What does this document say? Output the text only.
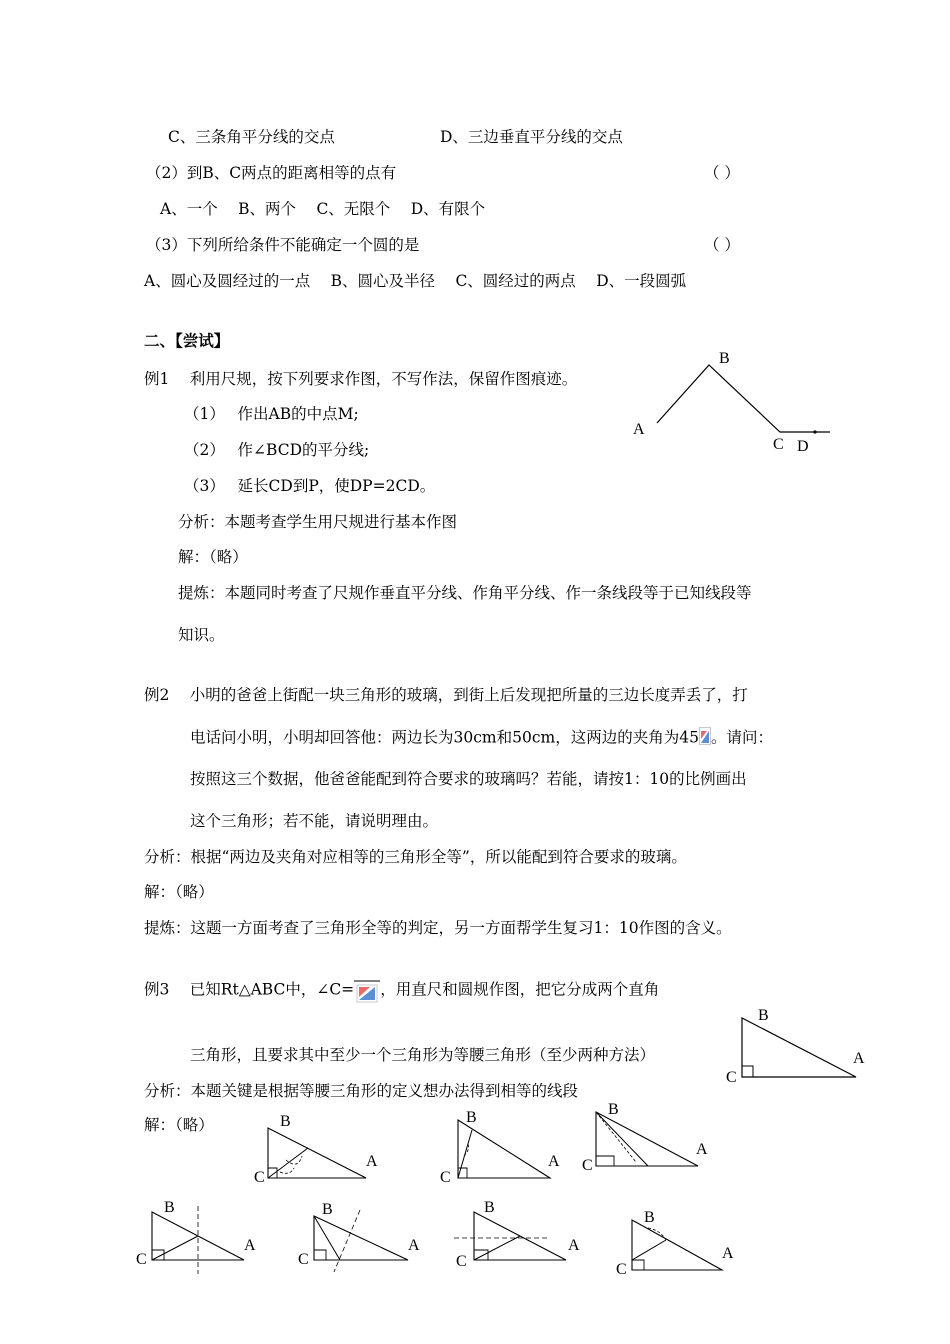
C、三条角平分线的交点	D、三边垂直平分线的交点
（2）到B、C两点的距离相等的点有	（ ）
A、一个　 B、两个　 C、无限个　 D、有限个
（3）下列所给条件不能确定一个圆的是	（ ）
A、圆心及圆经过的一点　 B、圆心及半径　 C、圆经过的两点　 D、一段圆弧
二、【尝试】
例1　 利用尺规，按下列要求作图，不写作法，保留作图痕迹。
（1）　 作出AB的中点M;
（2）　 作∠BCD的平分线;
（3）　 延长CD到P，使DP=2CD。
分析：本题考查学生用尺规进行基本作图
解：（略）
提炼：本题同时考查了尺规作垂直平分线、作角平分线、作一条线段等于已知线段等
知识。
A
B
C D
例2　 小明的爸爸上街配一块三角形的玻璃，到街上后发现把所量的三边长度弄丢了，打
电话问小明，小明却回答他：两边长为30cm和50cm，这两边的夹角为45 。请问：
按照这三个数据，他爸爸能配到符合要求的玻璃吗？若能，请按1：10的比例画出
这个三角形；若不能，请说明理由。
分析：根据“两边及夹角对应相等的三角形全等”，所以能配到符合要求的玻璃。
解：（略）
提炼：这题一方面考查了三角形全等的判定，另一方面帮学生复习1：10作图的含义。
例3　 已知Rt△ABC中，∠C= ，用直尺和圆规作图，把它分成两个直角
三角形，且要求其中至少一个三角形为等腰三角形（至少两种方法）
分析：本题关键是根据等腰三角形的定义想办法得到相等的线段
解：（略）
B
C
A
B
C
A
B
C
A
B
C
A
B
C
A
B
C
A
B
C
A
B
C
A
